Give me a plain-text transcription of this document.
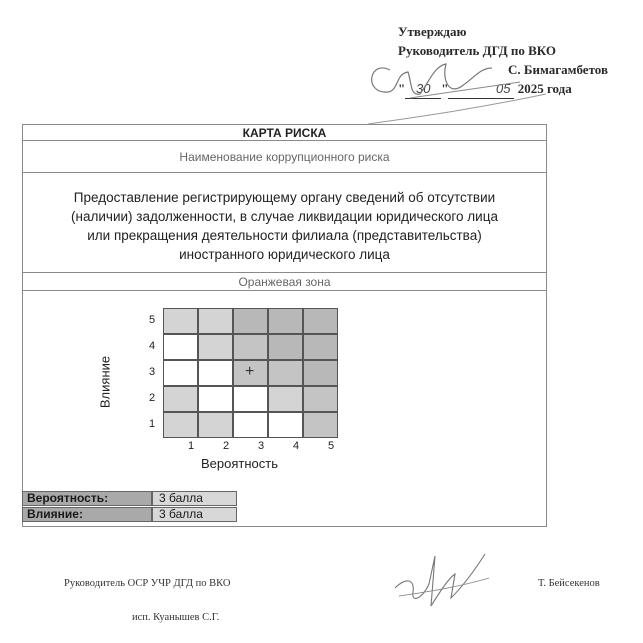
Утверждаю
Руководитель ДГД по ВКО
С. Бимагамбетов
" 30 "	05 2025 года
КАРТА РИСКА
Наименование коррупционного риска
Предоставление регистрирующему органу сведений об отсутствии
(наличии) задолженности, в случае ликвидации юридического лица
или прекращения деятельности филиала (представительства)
иностранного юридического лица
Оранжевая зона
5
4
3
2
1
1	2	3	4	5
+
Влияние
Вероятность
Вероятность:	3 балла
Влияние:	3 балла
Руководитель ОСР УЧР ДГД по ВКО	Т. Бейсекенов
исп. Куанышев С.Г.
